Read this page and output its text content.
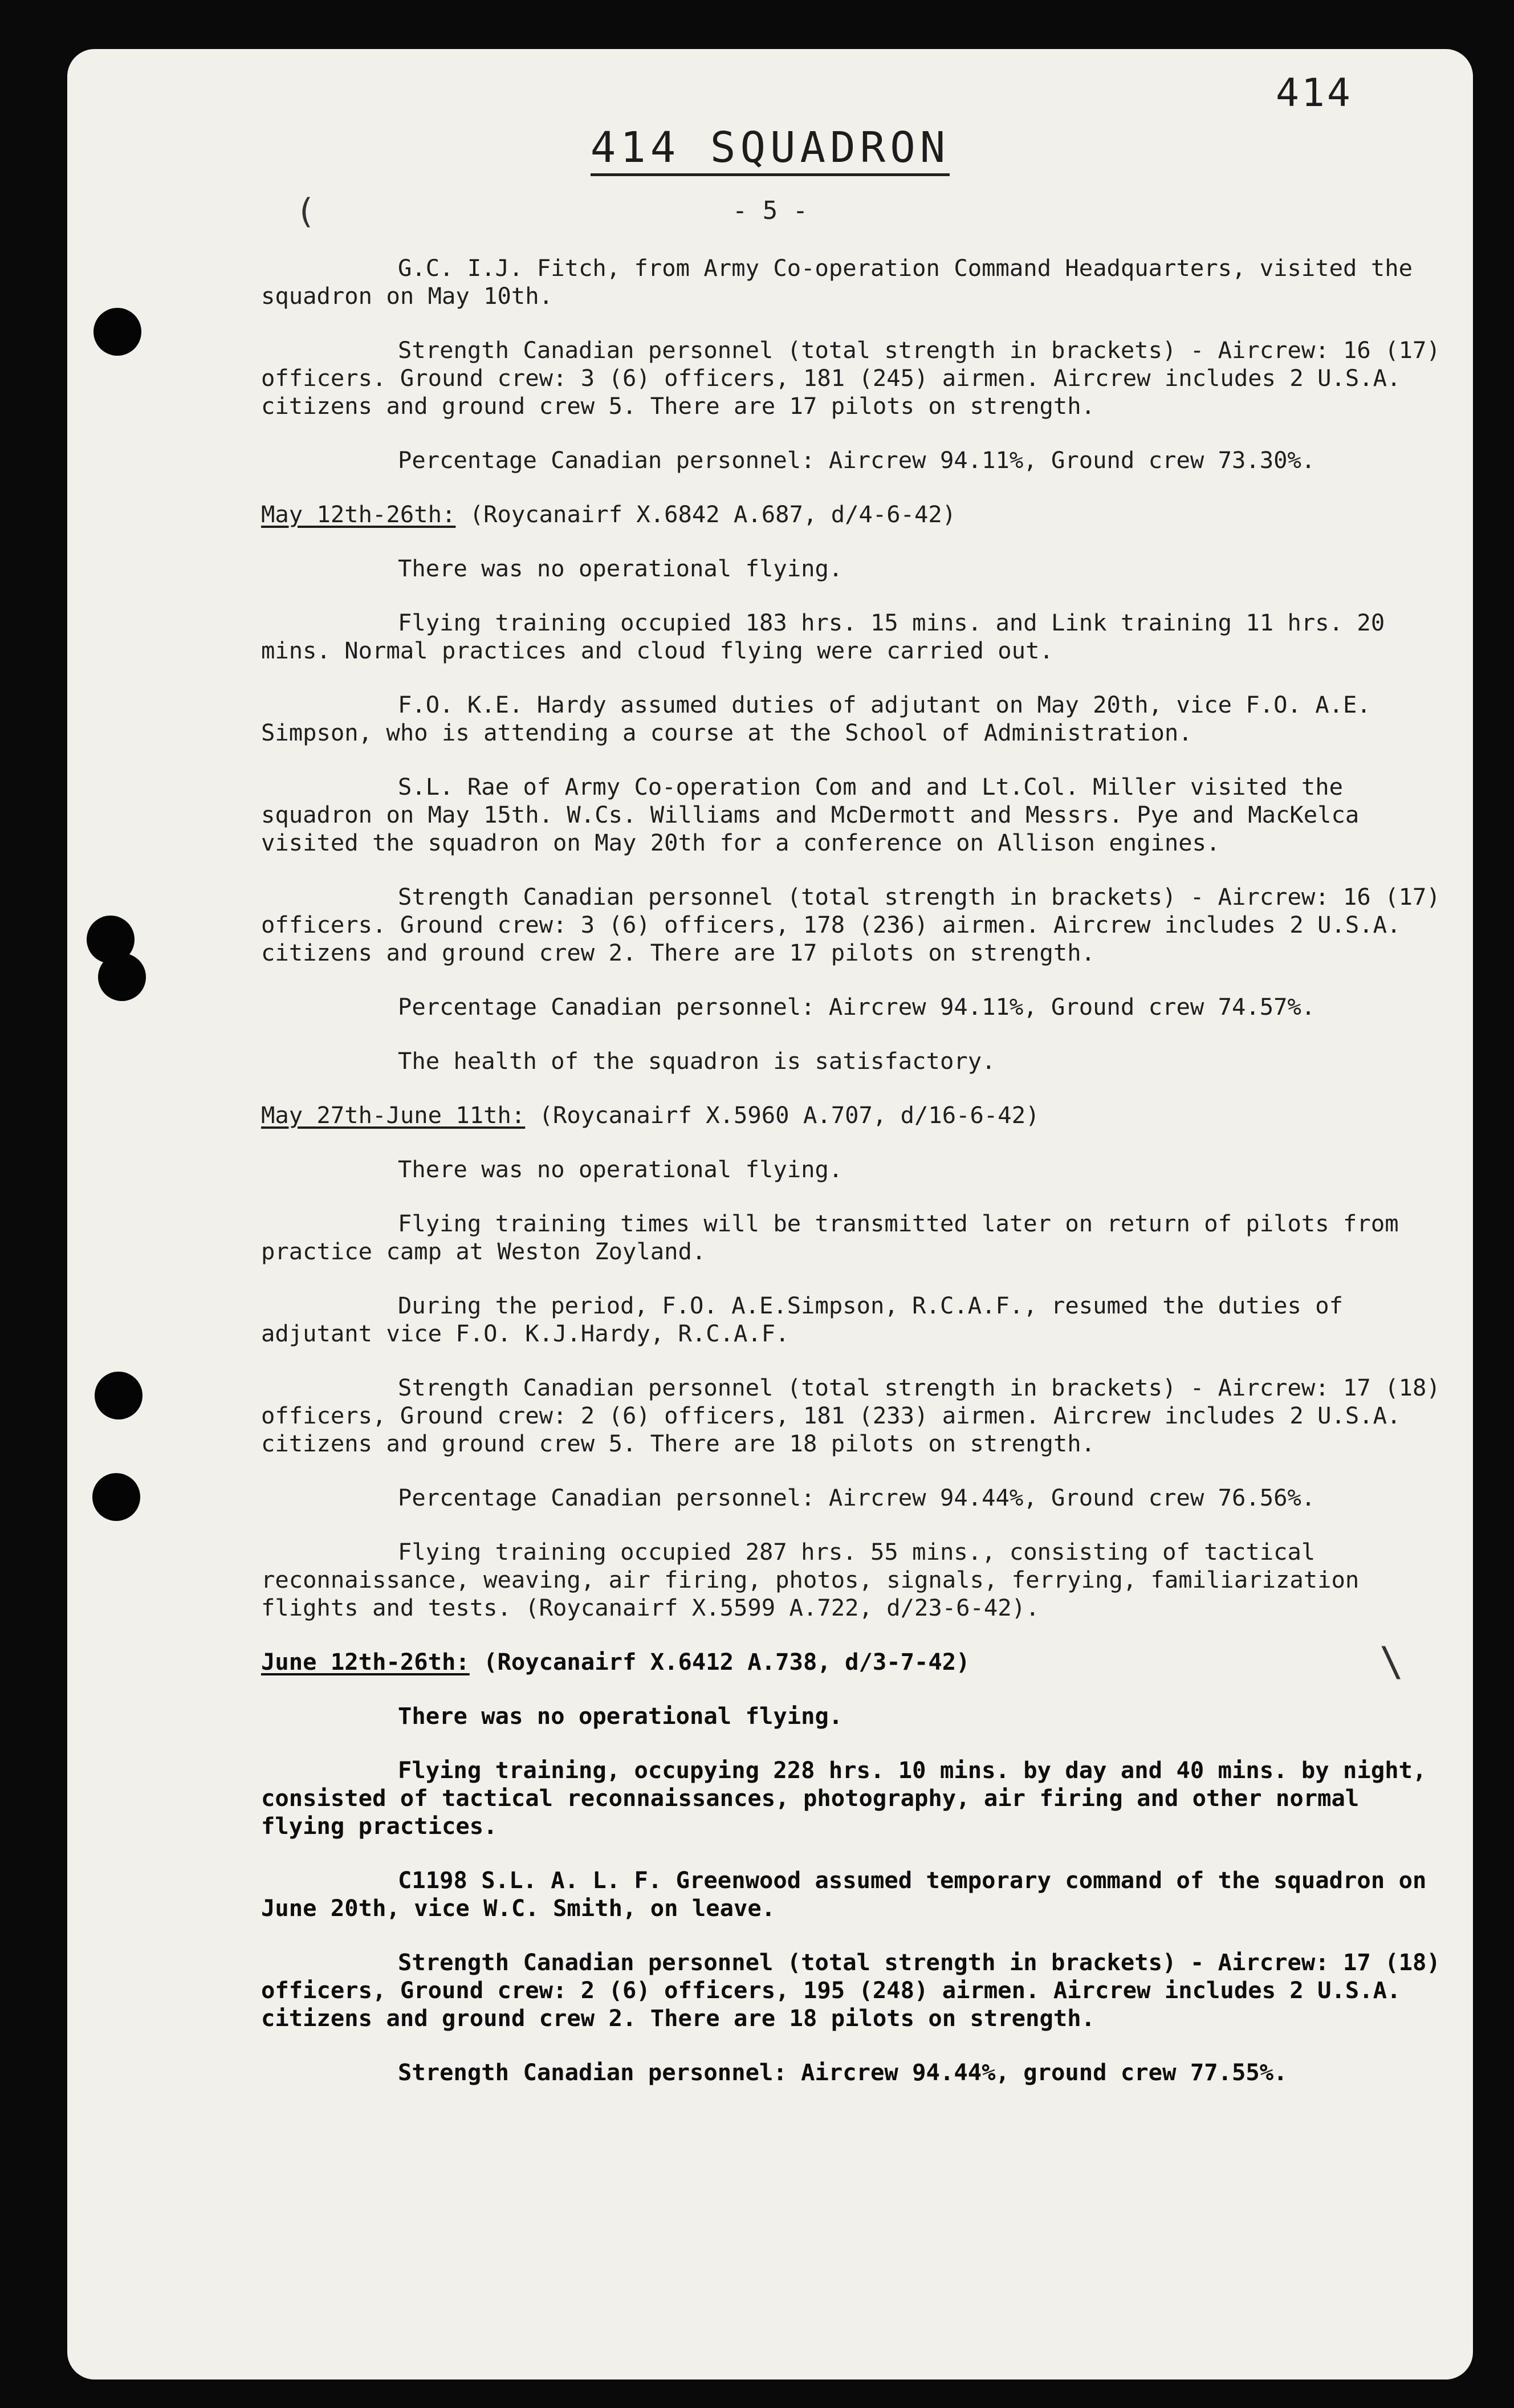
414
414 SQUADRON
- 5 -
(
\

G.C. I.J. Fitch, from Army Co-operation Command Headquarters, visited the squadron on May 10th.

Strength Canadian personnel (total strength in brackets) - Aircrew: 16 (17) officers. Ground crew: 3 (6) officers, 181 (245) airmen. Aircrew includes 2 U.S.A. citizens and ground crew 5. There are 17 pilots on strength.

Percentage Canadian personnel: Aircrew 94.11%, Ground crew 73.30%.

May 12th-26th: (Roycanairf X.6842 A.687, d/4-6-42)

There was no operational flying.

Flying training occupied 183 hrs. 15 mins. and Link training 11 hrs. 20 mins. Normal practices and cloud flying were carried out.

F.O. K.E. Hardy assumed duties of adjutant on May 20th, vice F.O. A.E. Simpson, who is attending a course at the School of Administration.

S.L. Rae of Army Co-operation Com and and Lt.Col. Miller visited the squadron on May 15th. W.Cs. Williams and McDermott and Messrs. Pye and MacKelca visited the squadron on May 20th for a conference on Allison engines.

Strength Canadian personnel (total strength in brackets) - Aircrew: 16 (17) officers. Ground crew: 3 (6) officers, 178 (236) airmen. Aircrew includes 2 U.S.A. citizens and ground crew 2. There are 17 pilots on strength.

Percentage Canadian personnel: Aircrew 94.11%, Ground crew 74.57%.

The health of the squadron is satisfactory.

May 27th-June 11th: (Roycanairf X.5960 A.707, d/16-6-42)

There was no operational flying.

Flying training times will be transmitted later on return of pilots from practice camp at Weston Zoyland.

During the period, F.O. A.E.Simpson, R.C.A.F., resumed the duties of adjutant vice F.O. K.J.Hardy, R.C.A.F.

Strength Canadian personnel (total strength in brackets) - Aircrew: 17 (18) officers, Ground crew: 2 (6) officers, 181 (233) airmen. Aircrew includes 2 U.S.A. citizens and ground crew 5. There are 18 pilots on strength.

Percentage Canadian personnel: Aircrew 94.44%, Ground crew 76.56%.

Flying training occupied 287 hrs. 55 mins., consisting of tactical reconnaissance, weaving, air firing, photos, signals, ferrying, familiarization flights and tests. (Roycanairf X.5599 A.722, d/23-6-42).

June 12th-26th: (Roycanairf X.6412 A.738, d/3-7-42)

There was no operational flying.

Flying training, occupying 228 hrs. 10 mins. by day and 40 mins. by night, consisted of tactical reconnaissances, photography, air firing and other normal flying practices.

C1198 S.L. A. L. F. Greenwood assumed temporary command of the squadron on June 20th, vice W.C. Smith, on leave.

Strength Canadian personnel (total strength in brackets) - Aircrew: 17 (18) officers, Ground crew: 2 (6) officers, 195 (248) airmen. Aircrew includes 2 U.S.A. citizens and ground crew 2. There are 18 pilots on strength.

Strength Canadian personnel: Aircrew 94.44%, ground crew 77.55%.
